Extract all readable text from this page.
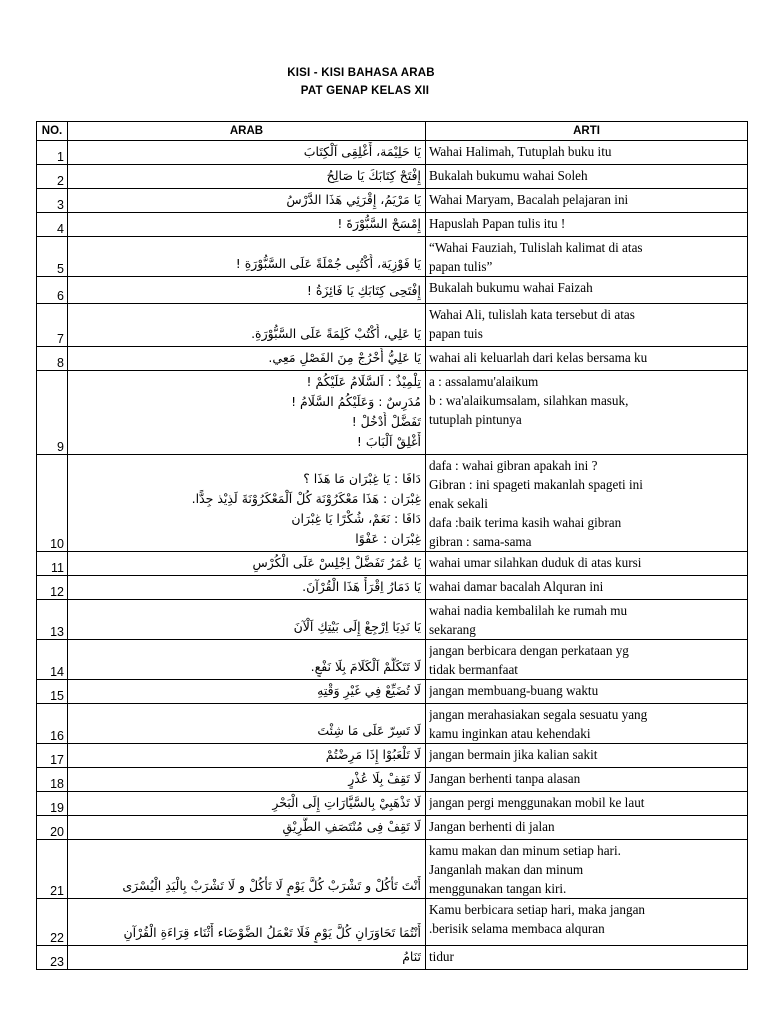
KISI - KISI BAHASA ARAB
PAT GENAP KELAS XII
NO.	ARAB	ARTI
1	يَا حَلِيْمَة، أَغْلِقِى اَلْكِتَابَ	Wahai Halimah, Tutuplah buku itu

2	إِفْتَحْ كِتَابَكَ يَا صَالِحُ	Bukalah bukumu wahai Soleh

3	يَا مَرْيَمُ، إِقْرَئِي هَذَا الدَّرْسُ	Wahai Maryam, Bacalah pelajaran ini

4	إِمْسَحْ السَّبُّوْرَةَ !	Hapuslah Papan tulis itu !

5	يَا فَوْزِيَة، أُكْتُبِى جُمْلَةً عَلَى السَّبُّوْرَةِ !	“Wahai Fauziah, Tulislah kalimat di atas
papan tulis”

6	إِفْتَحِى كِتَابَكِ يَا فَائِزَةُ !	Bukalah bukumu wahai Faizah

7	يَا عَلِي، أُكْتُبْ كَلِمَةً عَلَى السَّبُّوْرَةِ.	Wahai Ali, tulislah kata tersebut di atas
papan tuis

8	يَا عَلِيُّ أُخْرُجْ مِنَ الفَصْلِ مَعِي.	wahai ali keluarlah dari kelas bersama ku

9	تِلْمِيْذٌ : اَلسَّلَامُ عَلَيْكُمْ !
مُدَرِسٌ : وَعَلَيْكُمُ السَّلَامُ !
تَفَضَّلْ أُدْخُلْ !
أَغْلِقْ اَلْبَابَ !	a : assalamu'alaikum
b : wa'alaikumsalam, silahkan masuk,
tutuplah pintunya

10	دَافَا : يَا غِبْرَان مَا هَذَا ؟
غِبْرَان : هَذَا مَعْكَرُوْنَة كُلْ اَلْمَعْكَرُوْنَةَ لَذِيْذ جِدًّا.
دَافَا : نَعَمْ، شُكْرًا يَا غِبْرَان
غِبْرَان : عَفْوًا	dafa : wahai gibran apakah ini ?
Gibran : ini spageti makanlah spageti ini
enak sekali
dafa :baik terima kasih wahai gibran
gibran : sama-sama

11	يَا عُمَرُ تَفَضَّلْ اِجْلِسْ عَلَى الْكُرْسِ	wahai umar silahkan duduk di atas kursi

12	يَا دَمَارُ اِقْرَأْ هَذَا الْقُرْآنَ.	wahai damar bacalah Alquran ini

13	يَا نَدِيَا اِرْجِعْ إِلَى بَيْتِكِ اَلْآنَ	wahai nadia kembalilah ke rumah mu
sekarang

14	لَا تَتَكَلَّمْ اَلْكَلَامَ بِلَا نَفْعٍ.	jangan berbicara dengan perkataan yg
tidak bermanfaat

15	لَا تُضَيِّعْ فِي غَيْرِ وَقْتِهِ	jangan membuang-buang waktu

16	لَا تَسِرّ عَلَى مَا شِئْتَ	jangan merahasiakan segala sesuatu yang
kamu inginkan atau kehendaki

17	لَا تَلْعَبُوْا إِذَا مَرِضْتُمْ	jangan bermain jika kalian sakit

18	لَا تَقِفْ بِلَا عُذْرٍ	Jangan berhenti tanpa alasan

19	لَا تَذْهَبِيْ بِالسَّيَّارَاتِ إِلَى الْبَحْرِ	jangan pergi menggunakan mobil ke laut

20	لَا تَقِفْ فِى مُنْتَصَفِ الطَّرِيْقِ	Jangan berhenti di jalan

21	أَنْتَ تَأْكُلْ و تَشْرَبْ كُلَّ يَوْمٍ لَا تَأْكُلْ و لَا تَشْرَبْ بِالْيَدِ الْيُسْرَى	kamu makan dan minum setiap hari.
Janganlah makan dan minum
menggunakan tangan kiri.

22	أَنْتُمَا تَحَاوَرَانِ كُلَّ يَوْمٍ فَلَا تَعْمَلُ الضَّوْضَاء أَثْنَاء قِرَاءَةِ الْقُرْآنِ	Kamu berbicara setiap hari, maka jangan
.berisik selama membaca alquran

23	تَنَامُ	tidur
